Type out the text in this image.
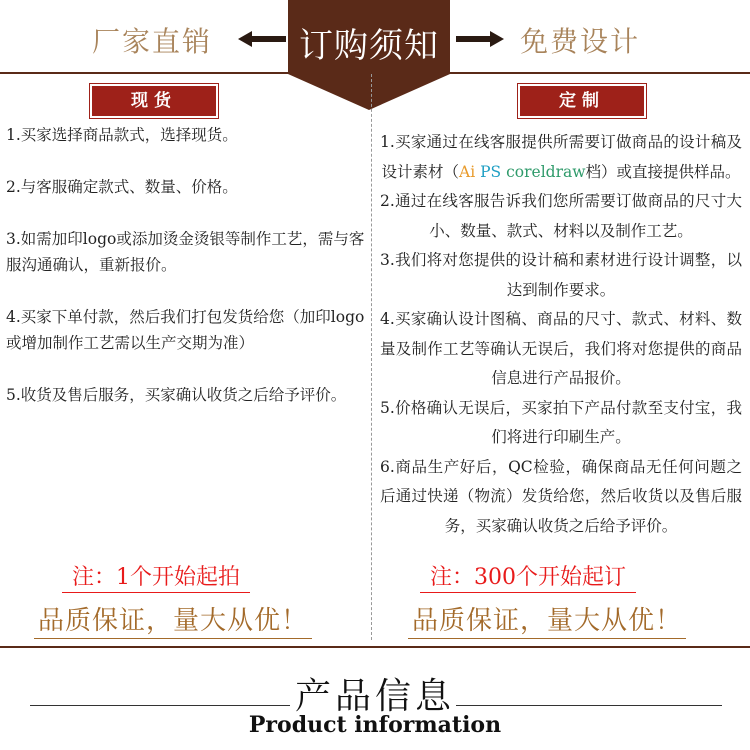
厂家直销	订购须知	免费设计
现货	定制

1.买家选择商品款式，选择现货。

2.与客服确定款式、数量、价格。

3.如需加印logo或添加烫金烫银等制作工艺，需与客服沟通确认，重新报价。

4.买家下单付款，然后我们打包发货给您（加印logo或增加制作工艺需以生产交期为准）

5.收货及售后服务，买家确认收货之后给予评价。

1.买家通过在线客服提供所需要订做商品的设计稿及设计素材（Ai PS coreldraw档）或直接提供样品。

2.通过在线客服告诉我们您所需要订做商品的尺寸大小、数量、款式、材料以及制作工艺。

3.我们将对您提供的设计稿和素材进行设计调整，以达到制作要求。

4.买家确认设计图稿、商品的尺寸、款式、材料、数量及制作工艺等确认无误后，我们将对您提供的商品信息进行产品报价。

5.价格确认无误后，买家拍下产品付款至支付宝，我们将进行印刷生产。

6.商品生产好后，QC检验，确保商品无任何问题之后通过快递（物流）发货给您，然后收货以及售后服务，买家确认收货之后给予评价。

注：1个开始起拍	注：300个开始起订
品质保证，量大从优！	品质保证，量大从优！
产品信息
Product information
